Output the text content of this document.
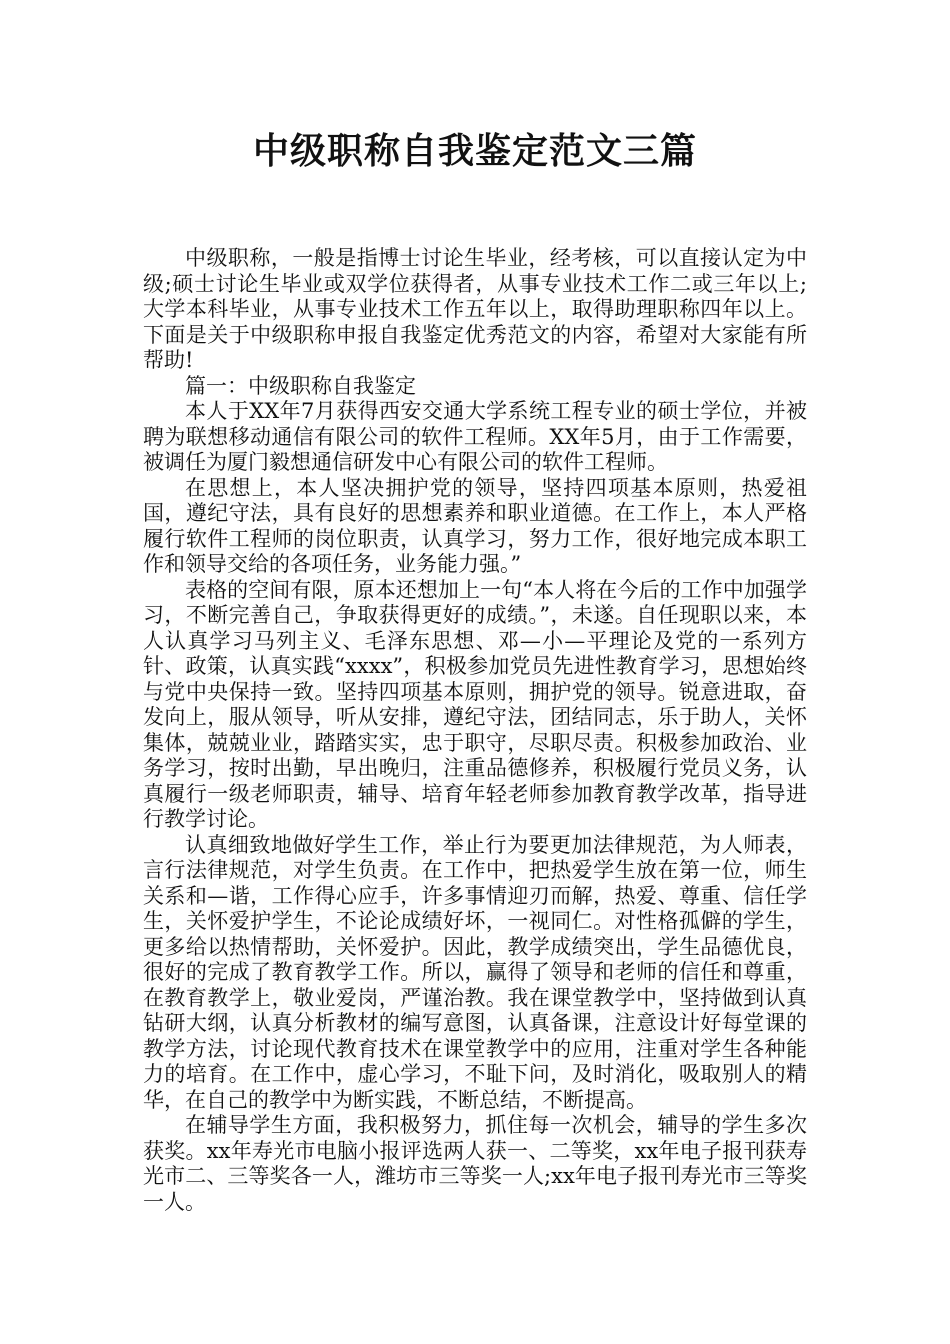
中级职称自我鉴定范文三篇

中级职称，一般是指博士讨论生毕业，经考核，可以直接认定为中级;硕士讨论生毕业或双学位获得者，从事专业技术工作二或三年以上;大学本科毕业，从事专业技术工作五年以上，取得助理职称四年以上。下面是关于中级职称申报自我鉴定优秀范文的内容，希望对大家能有所帮助!

篇一：中级职称自我鉴定

本人于XX年7月获得西安交通大学系统工程专业的硕士学位，并被聘为联想移动通信有限公司的软件工程师。XX年5月，由于工作需要，被调任为厦门毅想通信研发中心有限公司的软件工程师。

在思想上，本人坚决拥护党的领导，坚持四项基本原则，热爱祖国，遵纪守法，具有良好的思想素养和职业道德。在工作上，本人严格履行软件工程师的岗位职责，认真学习，努力工作，很好地完成本职工作和领导交给的各项任务，业务能力强。”

表格的空间有限，原本还想加上一句“本人将在今后的工作中加强学习，不断完善自己，争取获得更好的成绩。”，未遂。自任现职以来，本人认真学习马列主义、毛泽东思想、邓—小—平理论及党的一系列方针、政策，认真实践“xxxx”，积极参加党员先进性教育学习，思想始终与党中央保持一致。坚持四项基本原则，拥护党的领导。锐意进取，奋发向上，服从领导，听从安排，遵纪守法，团结同志，乐于助人，关怀集体，兢兢业业，踏踏实实，忠于职守，尽职尽责。积极参加政治、业务学习，按时出勤，早出晚归，注重品德修养，积极履行党员义务，认真履行一级老师职责，辅导、培育年轻老师参加教育教学改革，指导进行教学讨论。

认真细致地做好学生工作，举止行为要更加法律规范，为人师表，言行法律规范，对学生负责。在工作中，把热爱学生放在第一位，师生关系和—谐，工作得心应手，许多事情迎刃而解，热爱、尊重、信任学生，关怀爱护学生，不论论成绩好坏，一视同仁。对性格孤僻的学生，更多给以热情帮助，关怀爱护。因此，教学成绩突出，学生品德优良，很好的完成了教育教学工作。所以，赢得了领导和老师的信任和尊重，在教育教学上，敬业爱岗，严谨治教。我在课堂教学中，坚持做到认真钻研大纲，认真分析教材的编写意图，认真备课，注意设计好每堂课的教学方法，讨论现代教育技术在课堂教学中的应用，注重对学生各种能力的培育。在工作中，虚心学习，不耻下问，及时消化，吸取别人的精华，在自己的教学中为断实践，不断总结，不断提高。

在辅导学生方面，我积极努力，抓住每一次机会，辅导的学生多次获奖。xx年寿光市电脑小报评选两人获一、二等奖，xx年电子报刊获寿光市二、三等奖各一人，潍坊市三等奖一人;xx年电子报刊寿光市三等奖一人。
